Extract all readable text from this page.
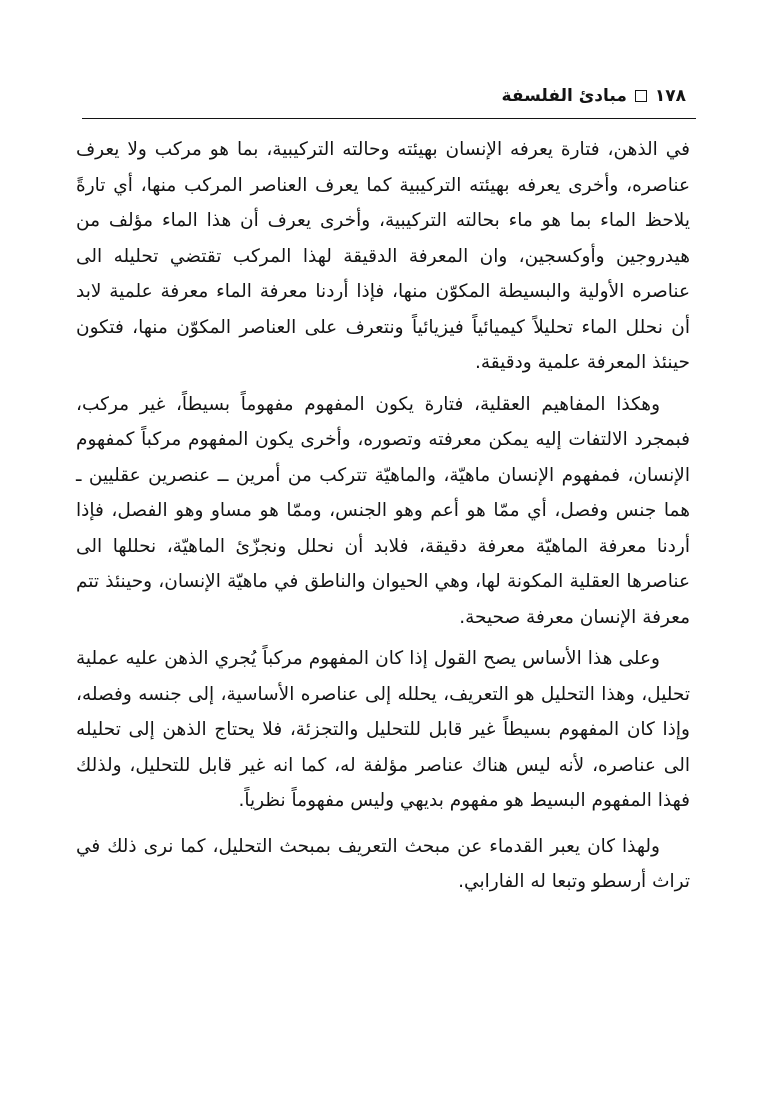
١٧٨
مبادئ الفلسفة

في الذهن، فتارة يعرفه الإنسان بهيئته وحالته التركيبية، بما هو مركب ولا يعرف عناصره، وأخرى يعرفه بهيئته التركيبية كما يعرف العناصر المركب منها، أي تارةً يلاحظ الماء بما هو ماء بحالته التركيبية، وأخرى يعرف أن هذا الماء مؤلف من هيدروجين وأوكسجين، وان المعرفة الدقيقة لهذا المركب تقتضي تحليله الى عناصره الأولية والبسيطة المكوّن منها، فإذا أردنا معرفة الماء معرفة علمية لابد أن نحلل الماء تحليلاً كيميائياً فيزيائياً ونتعرف على العناصر المكوّن منها، فتكون حينئذ المعرفة علمية ودقيقة.

وهكذا المفاهيم العقلية، فتارة يكون المفهوم مفهوماً بسيطاً، غير مركب، فبمجرد الالتفات إليه يمكن معرفته وتصوره، وأخرى يكون المفهوم مركباً كمفهوم الإنسان، فمفهوم الإنسان ماهيّة، والماهيّة تتركب من أمرين ــ عنصرين عقليين ـ هما جنس وفصل، أي ممّا هو أعم وهو الجنس، وممّا هو مساو وهو الفصل، فإذا أردنا معرفة الماهيّة معرفة دقيقة، فلابد أن نحلل ونجزّئ الماهيّة، نحللها الى عناصرها العقلية المكونة لها، وهي الحيوان والناطق في ماهيّة الإنسان، وحينئذ تتم معرفة الإنسان معرفة صحيحة.

وعلى هذا الأساس يصح القول إذا كان المفهوم مركباً يُجري الذهن عليه عملية تحليل، وهذا التحليل هو التعريف، يحلله إلى عناصره الأساسية، إلى جنسه وفصله، وإذا كان المفهوم بسيطاً غير قابل للتحليل والتجزئة، فلا يحتاج الذهن إلى تحليله الى عناصره، لأنه ليس هناك عناصر مؤلفة له، كما انه غير قابل للتحليل، ولذلك فهذا المفهوم البسيط هو مفهوم بديهي وليس مفهوماً نظرياً.

ولهذا كان يعبر القدماء عن مبحث التعريف بمبحث التحليل، كما نرى ذلك في تراث أرسطو وتبعا له الفارابي.
